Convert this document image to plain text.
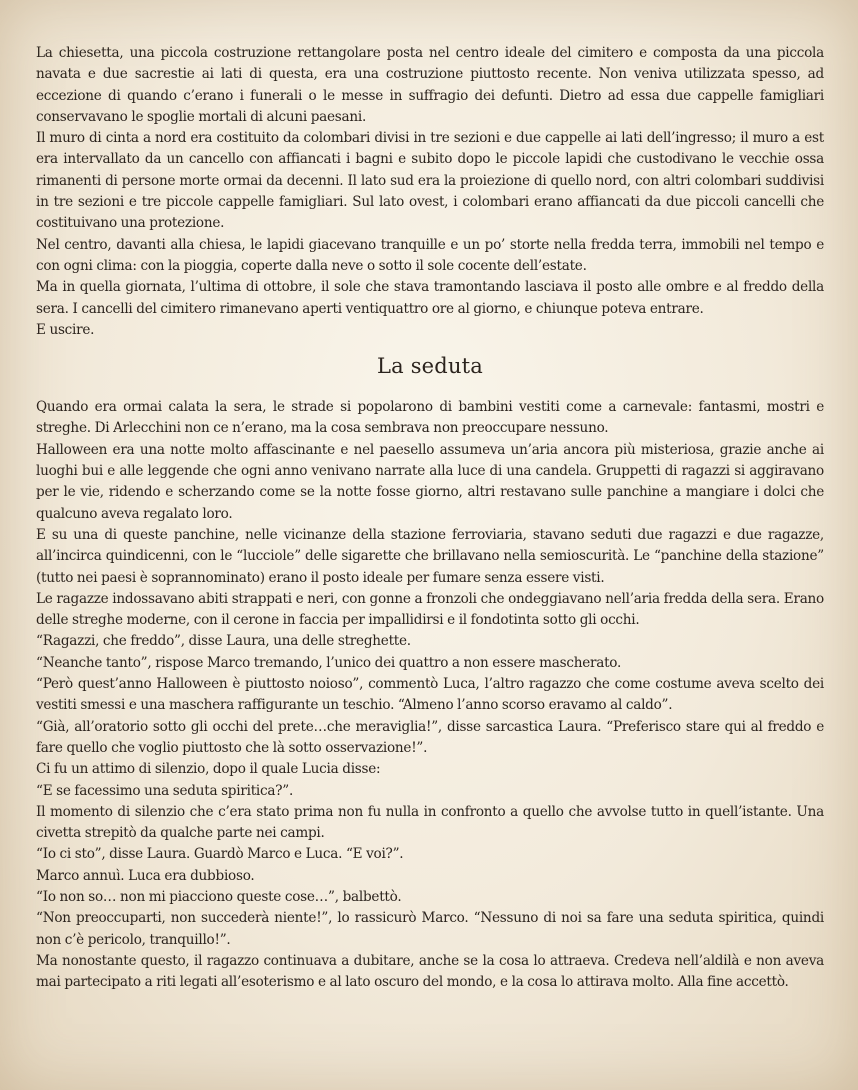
La chiesetta, una piccola costruzione rettangolare posta nel centro ideale del cimitero e composta da una piccola navata e due sacrestie ai lati di questa, era una costruzione piuttosto recente. Non veniva utilizzata spesso, ad eccezione di quando c’erano i funerali o le messe in suffragio dei defunti. Dietro ad essa due cappelle famigliari conservavano le spoglie mortali di alcuni paesani.

Il muro di cinta a nord era costituito da colombari divisi in tre sezioni e due cappelle ai lati dell’ingresso; il muro a est era intervallato da un cancello con affiancati i bagni e subito dopo le piccole lapidi che custodivano le vecchie ossa rimanenti di persone morte ormai da decenni. Il lato sud era la proiezione di quello nord, con altri colombari suddivisi in tre sezioni e tre piccole cappelle famigliari. Sul lato ovest, i colombari erano affiancati da due piccoli cancelli che costituivano una protezione.

Nel centro, davanti alla chiesa, le lapidi giacevano tranquille e un po’ storte nella fredda terra, immobili nel tempo e con ogni clima: con la pioggia, coperte dalla neve o sotto il sole cocente dell’estate.

Ma in quella giornata, l’ultima di ottobre, il sole che stava tramontando lasciava il posto alle ombre e al freddo della sera. I cancelli del cimitero rimanevano aperti ventiquattro ore al giorno, e chiunque poteva entrare.

E uscire.

La seduta

Quando era ormai calata la sera, le strade si popolarono di bambini vestiti come a carnevale: fantasmi, mostri e streghe. Di Arlecchini non ce n’erano, ma la cosa sembrava non preoccupare nessuno.

Halloween era una notte molto affascinante e nel paesello assumeva un’aria ancora più misteriosa, grazie anche ai luoghi bui e alle leggende che ogni anno venivano narrate alla luce di una candela. Gruppetti di ragazzi si aggiravano per le vie, ridendo e scherzando come se la notte fosse giorno, altri restavano sulle panchine a mangiare i dolci che qualcuno aveva regalato loro.

E su una di queste panchine, nelle vicinanze della stazione ferroviaria, stavano seduti due ragazzi e due ragazze, all’incirca quindicenni, con le “lucciole” delle sigarette che brillavano nella semioscurità. Le “panchine della stazione” (tutto nei paesi è soprannominato) erano il posto ideale per fumare senza essere visti.

Le ragazze indossavano abiti strappati e neri, con gonne a fronzoli che ondeggiavano nell’aria fredda della sera. Erano delle streghe moderne, con il cerone in faccia per impallidirsi e il fondotinta sotto gli occhi.

“Ragazzi, che freddo”, disse Laura, una delle streghette.

“Neanche tanto”, rispose Marco tremando, l’unico dei quattro a non essere mascherato.

“Però quest’anno Halloween è piuttosto noioso”, commentò Luca, l’altro ragazzo che come costume aveva scelto dei vestiti smessi e una maschera raffigurante un teschio. “Almeno l’anno scorso eravamo al caldo”.

“Già, all’oratorio sotto gli occhi del prete…che meraviglia!”, disse sarcastica Laura. “Preferisco stare qui al freddo e fare quello che voglio piuttosto che là sotto osservazione!”.

Ci fu un attimo di silenzio, dopo il quale Lucia disse:

“E se facessimo una seduta spiritica?”.

Il momento di silenzio che c’era stato prima non fu nulla in confronto a quello che avvolse tutto in quell’istante. Una civetta strepitò da qualche parte nei campi.

“Io ci sto”, disse Laura. Guardò Marco e Luca. “E voi?”.

Marco annuì. Luca era dubbioso.

“Io non so… non mi piacciono queste cose…”, balbettò.

“Non preoccuparti, non succederà niente!”, lo rassicurò Marco. “Nessuno di noi sa fare una seduta spiritica, quindi non c’è pericolo, tranquillo!”.

Ma nonostante questo, il ragazzo continuava a dubitare, anche se la cosa lo attraeva. Credeva nell’aldilà e non aveva mai partecipato a riti legati all’esoterismo e al lato oscuro del mondo, e la cosa lo attirava molto. Alla fine accettò.
